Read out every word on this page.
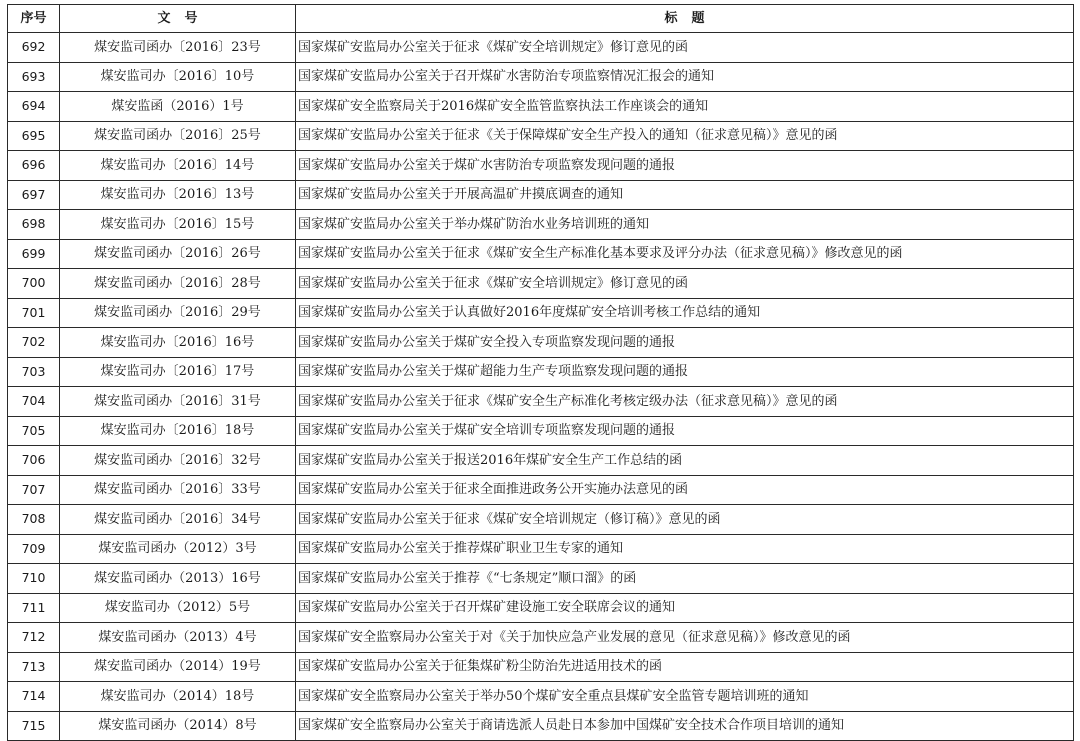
序号	文号	标题
692	煤安监司函办〔2016〕23号	国家煤矿安监局办公室关于征求《煤矿安全培训规定》修订意见的函
693	煤安监司办〔2016〕10号	国家煤矿安监局办公室关于召开煤矿水害防治专项监察情况汇报会的通知
694	煤安监函（2016）1号	国家煤矿安全监察局关于2016煤矿安全监管监察执法工作座谈会的通知
695	煤安监司函办〔2016〕25号	国家煤矿安监局办公室关于征求《关于保障煤矿安全生产投入的通知（征求意见稿）》意见的函
696	煤安监司办〔2016〕14号	国家煤矿安监局办公室关于煤矿水害防治专项监察发现问题的通报
697	煤安监司办〔2016〕13号	国家煤矿安监局办公室关于开展高温矿井摸底调查的通知
698	煤安监司办〔2016〕15号	国家煤矿安监局办公室关于举办煤矿防治水业务培训班的通知
699	煤安监司函办〔2016〕26号	国家煤矿安监局办公室关于征求《煤矿安全生产标准化基本要求及评分办法（征求意见稿）》修改意见的函
700	煤安监司函办〔2016〕28号	国家煤矿安监局办公室关于征求《煤矿安全培训规定》修订意见的函
701	煤安监司函办〔2016〕29号	国家煤矿安监局办公室关于认真做好2016年度煤矿安全培训考核工作总结的通知
702	煤安监司办〔2016〕16号	国家煤矿安监局办公室关于煤矿安全投入专项监察发现问题的通报
703	煤安监司办〔2016〕17号	国家煤矿安监局办公室关于煤矿超能力生产专项监察发现问题的通报
704	煤安监司函办〔2016〕31号	国家煤矿安监局办公室关于征求《煤矿安全生产标准化考核定级办法（征求意见稿）》意见的函
705	煤安监司办〔2016〕18号	国家煤矿安监局办公室关于煤矿安全培训专项监察发现问题的通报
706	煤安监司函办〔2016〕32号	国家煤矿安监局办公室关于报送2016年煤矿安全生产工作总结的函
707	煤安监司函办〔2016〕33号	国家煤矿安监局办公室关于征求全面推进政务公开实施办法意见的函
708	煤安监司函办〔2016〕34号	国家煤矿安监局办公室关于征求《煤矿安全培训规定（修订稿）》意见的函
709	煤安监司函办（2012）3号	国家煤矿安监局办公室关于推荐煤矿职业卫生专家的通知
710	煤安监司函办（2013）16号	国家煤矿安监局办公室关于推荐《“七条规定”顺口溜》的函
711	煤安监司办（2012）5号	国家煤矿安监局办公室关于召开煤矿建设施工安全联席会议的通知
712	煤安监司函办（2013）4号	国家煤矿安全监察局办公室关于对《关于加快应急产业发展的意见（征求意见稿）》修改意见的函
713	煤安监司函办（2014）19号	国家煤矿安监局办公室关于征集煤矿粉尘防治先进适用技术的函
714	煤安监司办（2014）18号	国家煤矿安全监察局办公室关于举办50个煤矿安全重点县煤矿安全监管专题培训班的通知
715	煤安监司函办（2014）8号	国家煤矿安全监察局办公室关于商请选派人员赴日本参加中国煤矿安全技术合作项目培训的通知
